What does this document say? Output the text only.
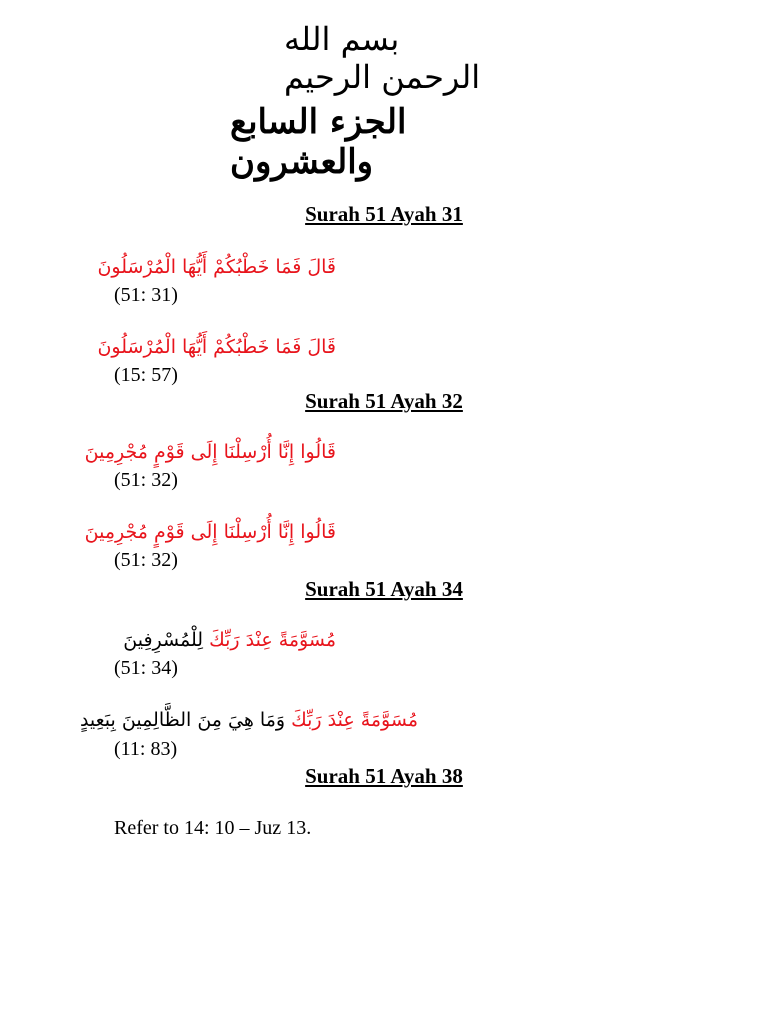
بسم الله الرحمن الرحيم
الجزء السابع والعشرون
Surah 51 Ayah 31
قَالَ فَمَا خَطْبُكُمْ أَيُّهَا الْمُرْسَلُونَ
(51: 31)
قَالَ فَمَا خَطْبُكُمْ أَيُّهَا الْمُرْسَلُونَ
(15: 57)
Surah 51 Ayah 32
قَالُوا إِنَّا أُرْسِلْنَا إِلَى قَوْمٍ مُجْرِمِينَ
(51: 32)
قَالُوا إِنَّا أُرْسِلْنَا إِلَى قَوْمٍ مُجْرِمِينَ
(51: 32)
Surah 51 Ayah 34
مُسَوَّمَةً عِنْدَ رَبِّكَ لِلْمُسْرِفِينَ
(51: 34)
مُسَوَّمَةً عِنْدَ رَبِّكَ وَمَا هِيَ مِنَ الظَّالِمِينَ بِبَعِيدٍ
(11: 83)
Surah 51 Ayah 38
Refer to 14: 10 – Juz 13.
